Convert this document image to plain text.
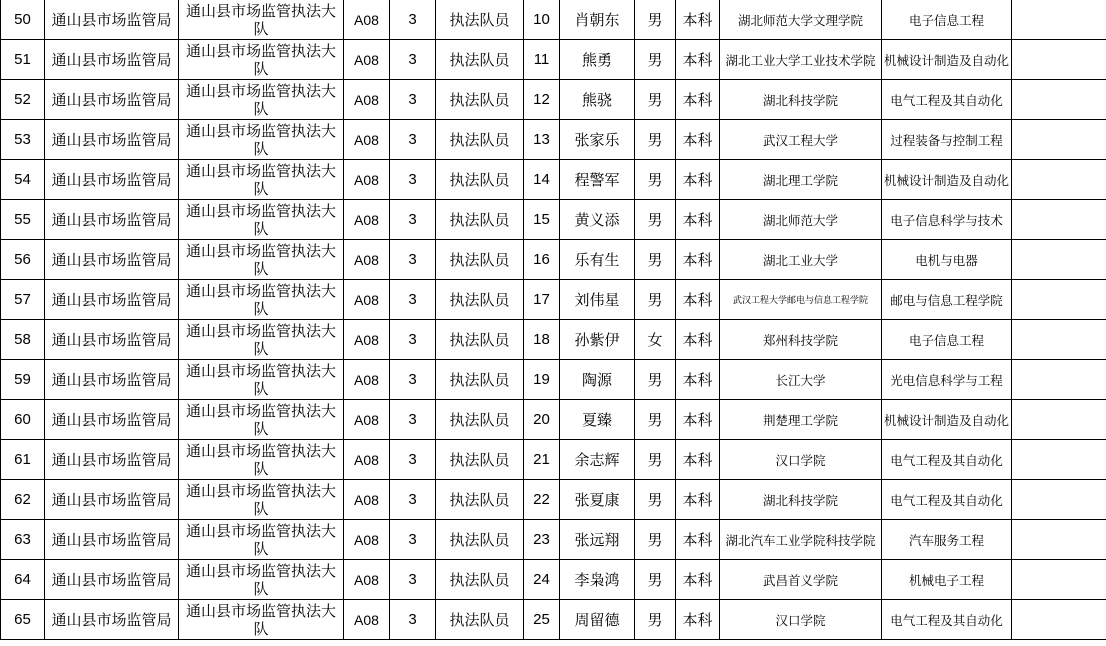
50	通山县市场监管局	通山县市场监管执法大队	A08	3	执法队员	10	肖朝东	男	本科	湖北师范大学文理学院	电子信息工程	
51	通山县市场监管局	通山县市场监管执法大队	A08	3	执法队员	11	熊勇	男	本科	湖北工业大学工业技术学院	机械设计制造及自动化	
52	通山县市场监管局	通山县市场监管执法大队	A08	3	执法队员	12	熊骁	男	本科	湖北科技学院	电气工程及其自动化	
53	通山县市场监管局	通山县市场监管执法大队	A08	3	执法队员	13	张家乐	男	本科	武汉工程大学	过程装备与控制工程	
54	通山县市场监管局	通山县市场监管执法大队	A08	3	执法队员	14	程警军	男	本科	湖北理工学院	机械设计制造及自动化	
55	通山县市场监管局	通山县市场监管执法大队	A08	3	执法队员	15	黄义添	男	本科	湖北师范大学	电子信息科学与技术	
56	通山县市场监管局	通山县市场监管执法大队	A08	3	执法队员	16	乐有生	男	本科	湖北工业大学	电机与电器	
57	通山县市场监管局	通山县市场监管执法大队	A08	3	执法队员	17	刘伟星	男	本科	武汉工程大学邮电与信息工程学院	邮电与信息工程学院	
58	通山县市场监管局	通山县市场监管执法大队	A08	3	执法队员	18	孙紫伊	女	本科	郑州科技学院	电子信息工程	
59	通山县市场监管局	通山县市场监管执法大队	A08	3	执法队员	19	陶源	男	本科	长江大学	光电信息科学与工程	
60	通山县市场监管局	通山县市场监管执法大队	A08	3	执法队员	20	夏臻	男	本科	荆楚理工学院	机械设计制造及自动化	
61	通山县市场监管局	通山县市场监管执法大队	A08	3	执法队员	21	余志辉	男	本科	汉口学院	电气工程及其自动化	
62	通山县市场监管局	通山县市场监管执法大队	A08	3	执法队员	22	张夏康	男	本科	湖北科技学院	电气工程及其自动化	
63	通山县市场监管局	通山县市场监管执法大队	A08	3	执法队员	23	张远翔	男	本科	湖北汽车工业学院科技学院	汽车服务工程	
64	通山县市场监管局	通山县市场监管执法大队	A08	3	执法队员	24	李枭鸿	男	本科	武昌首义学院	机械电子工程	
65	通山县市场监管局	通山县市场监管执法大队	A08	3	执法队员	25	周留德	男	本科	汉口学院	电气工程及其自动化	
